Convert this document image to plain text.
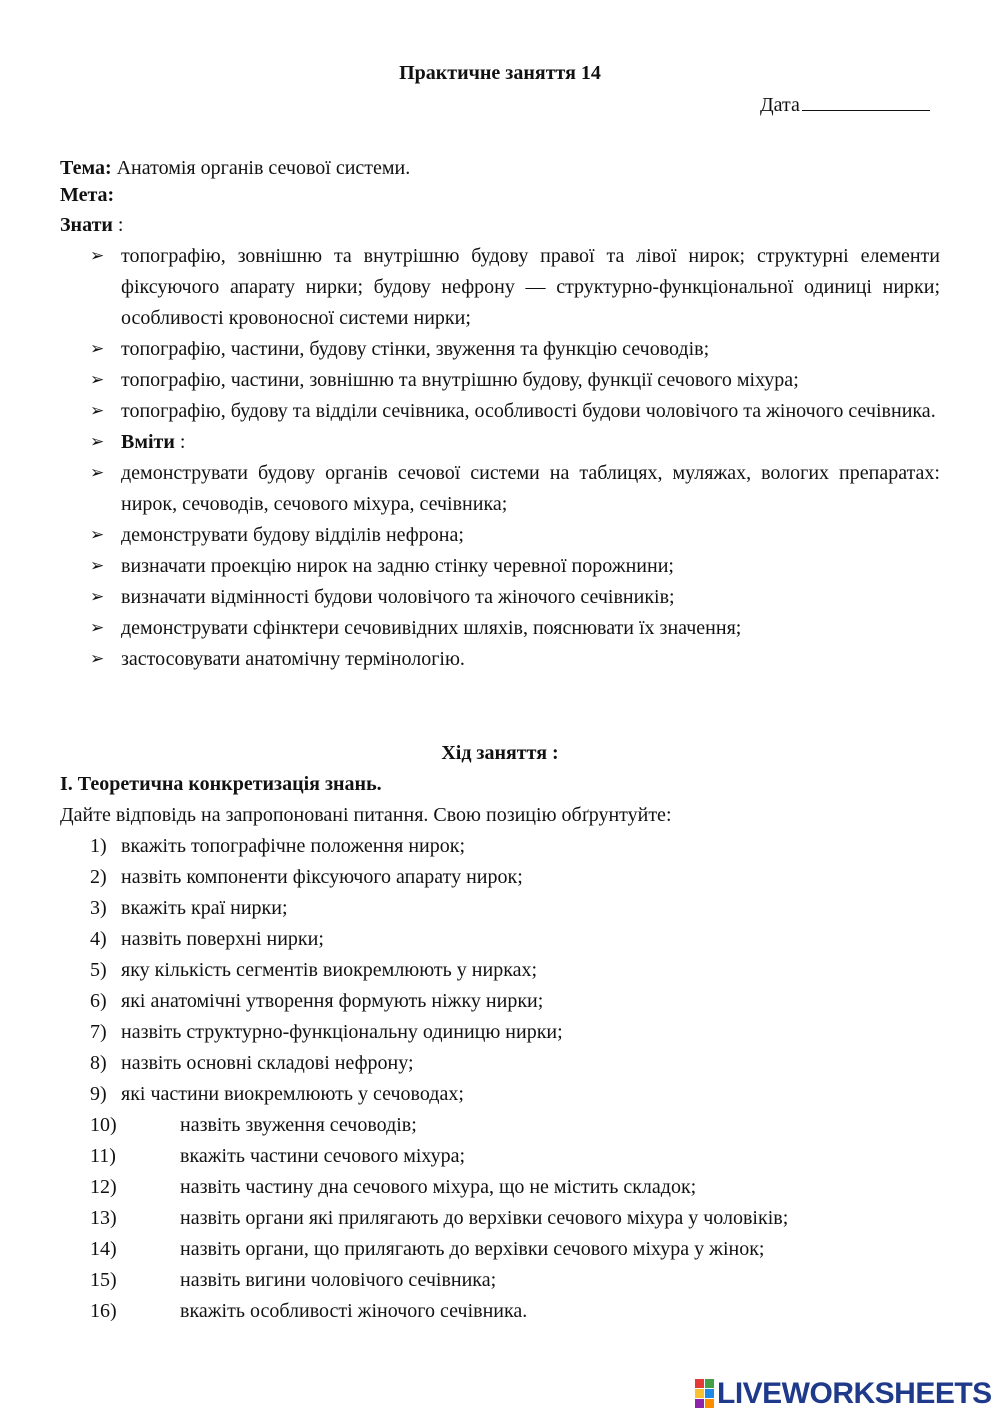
Практичне заняття 14
Дата
Тема: Анатомія органів сечової системи.
Мета:
Знати :
➢ топографію, зовнішню та внутрішню будову правої та лівої нирок; структурні елементи фіксуючого апарату нирки; будову нефрону — структурно-функціональної одиниці нирки; особливості кровоносної системи нирки;
➢ топографію, частини, будову стінки, звуження та функцію сечоводів;
➢ топографію, частини, зовнішню та внутрішню будову, функції сечового міхура;
➢ топографію, будову та відділи сечівника, особливості будови чоловічого та жіночого сечівника.
➢ Вміти :
➢ демонструвати будову органів сечової системи на таблицях, муляжах, вологих препаратах: нирок, сечоводів, сечового міхура, сечівника;
➢ демонструвати будову відділів нефрона;
➢ визначати проекцію нирок на задню стінку черевної порожнини;
➢ визначати відмінності будови чоловічого та жіночого сечівників;
➢ демонструвати сфінктери сечовивідних шляхів, пояснювати їх значення;
➢ застосовувати анатомічну термінологію.
Хід заняття :
І. Теоретична конкретизація знань.
Дайте відповідь на запропоновані питання. Свою позицію обґрунтуйте:
1) вкажіть топографічне положення нирок;
2) назвіть компоненти фіксуючого апарату нирок;
3) вкажіть краї нирки;
4) назвіть поверхні нирки;
5) яку кількість сегментів виокремлюють у нирках;
6) які анатомічні утворення формують ніжку нирки;
7) назвіть структурно-функціональну одиницю нирки;
8) назвіть основні складові нефрону;
9) які частини виокремлюють у сечоводах;
10)	назвіть звуження сечоводів;
11)	вкажіть частини сечового міхура;
12)	назвіть частину дна сечового міхура, що не містить складок;
13)	назвіть органи які прилягають до верхівки сечового міхура у чоловіків;
14)	назвіть органи, що прилягають до верхівки сечового міхура у жінок;
15)	назвіть вигини чоловічого сечівника;
16)	вкажіть особливості жіночого сечівника.
LIVEWORKSHEETS
